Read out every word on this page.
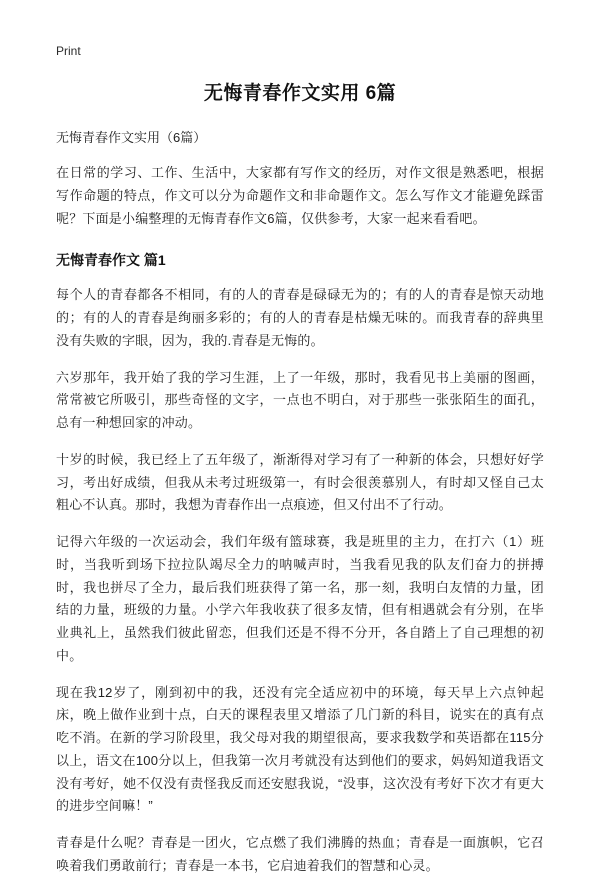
Print
无悔青春作文实用 6篇

无悔青春作文实用（6篇）

在日常的学习、工作、生活中，大家都有写作文的经历，对作文很是熟悉吧，根据写作命题的特点，作文可以分为命题作文和非命题作文。怎么写作文才能避免踩雷呢？下面是小编整理的无悔青春作文6篇，仅供参考，大家一起来看看吧。

无悔青春作文 篇1

每个人的青春都各不相同，有的人的青春是碌碌无为的；有的人的青春是惊天动地的；有的人的青春是绚丽多彩的；有的人的青春是枯燥无味的。而我青春的辞典里没有失败的字眼，因为，我的.青春是无悔的。

六岁那年，我开始了我的学习生涯，上了一年级，那时，我看见书上美丽的图画，常常被它所吸引，那些奇怪的文字，一点也不明白，对于那些一张张陌生的面孔，总有一种想回家的冲动。

十岁的时候，我已经上了五年级了，渐渐得对学习有了一种新的体会，只想好好学习，考出好成绩，但我从未考过班级第一，有时会很羡慕别人，有时却又怪自己太粗心不认真。那时，我想为青春作出一点痕迹，但又付出不了行动。

记得六年级的一次运动会，我们年级有篮球赛，我是班里的主力，在打六（1）班时，当我听到场下拉拉队竭尽全力的呐喊声时，当我看见我的队友们奋力的拼搏时，我也拼尽了全力，最后我们班获得了第一名，那一刻，我明白友情的力量，团结的力量，班级的力量。小学六年我收获了很多友情，但有相遇就会有分别，在毕业典礼上，虽然我们彼此留恋，但我们还是不得不分开，各自踏上了自己理想的初中。

现在我12岁了，刚到初中的我，还没有完全适应初中的环境，每天早上六点钟起床，晚上做作业到十点，白天的课程表里又增添了几门新的科目，说实在的真有点吃不消。在新的学习阶段里，我父母对我的期望很高，要求我数学和英语都在115分以上，语文在100分以上，但我第一次月考就没有达到他们的要求，妈妈知道我语文没有考好，她不仅没有责怪我反而还安慰我说，“没事，这次没有考好下次才有更大的进步空间嘛！”

青春是什么呢？青春是一团火，它点燃了我们沸腾的热血；青春是一面旗帜，它召唤着我们勇敢前行；青春是一本书，它启迪着我们的智慧和心灵。
